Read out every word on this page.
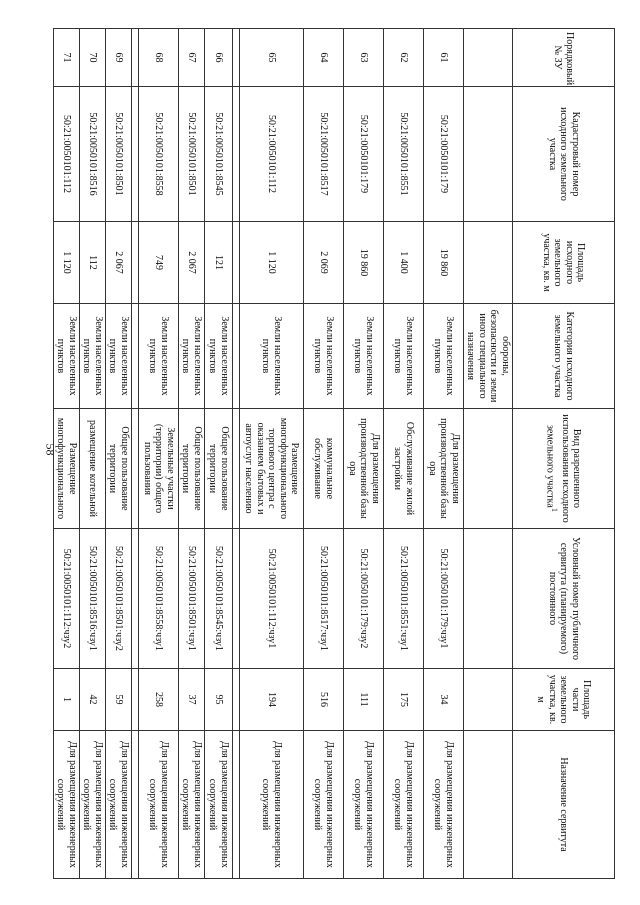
58
Порядковый № ЗУ	Кадастровый номер исходного земельного участка	Площадь исходного земельного участка, кв. м	Категория исходного земельного участка	Вид разрешенного использования исходного земельного участка$^1$	Условный номер публичного сервитута (планируемого) постоянного	Площадь части земельного участка, кв. м	Назначение сервитута
			обороны, безопасности и земли иного специального назначения				
61	50:21:0050101:179	19 860	Земли населенных пунктов	Для размещения производственной базы ора	50:21:0050101:179:чзу1	34	Для размещения инженерных сооружений
62	50:21:0050101:8551	1 400	Земли населенных пунктов	Обслуживание жилой застройки	50:21:0050101:8551:чзу1	175	Для размещения инженерных сооружений
63	50:21:0050101:179	19 860	Земли населенных пунктов	Для размещения производственной базы ора	50:21:0050101:179:чзу2	111	Для размещения инженерных сооружений
64	50:21:0050101:8517	2 069	Земли населенных пунктов	коммунальное обслуживание	50:21:0050101:8517:чзу1	516	Для размещения инженерных сооружений
65	50:21:0050101:112	1 120	Земли населенных пунктов	Размещение многофункционального торгового центра с оказанием бытовых и автоуслуг населению	50:21:0050101:112:чзу1	194	Для размещения инженерных сооружений

66	50:21:0050101:8545	121	Земли населенных пунктов	Общее пользование территории	50:21:0050101:8545:чзу1	95	Для размещения инженерных сооружений
67	50:21:0050101:8501	2 067	Земли населенных пунктов	Общее пользование территории	50:21:0050101:8501:чзу1	37	Для размещения инженерных сооружений
68	50:21:0050101:8558	749	Земли населенных пунктов	Земельные участки (территории) общего пользования	50:21:0050101:8558:чзу1	258	Для размещения инженерных сооружений

69	50:21:0050101:8501	2 067	Земли населенных пунктов	Общее пользование территории	50:21:0050101:8501:чзу2	59	Для размещения инженерных сооружений
70	50:21:0050101:8516	112	Земли населенных пунктов	размещение котельной	50:21:0050101:8516:чзу1	42	Для размещения инженерных сооружений
71	50:21:0050101:112	1 120	Земли населенных пунктов	Размещение многофункционального	50:21:0050101:112:чзу2	1	Для размещения инженерных сооружений
